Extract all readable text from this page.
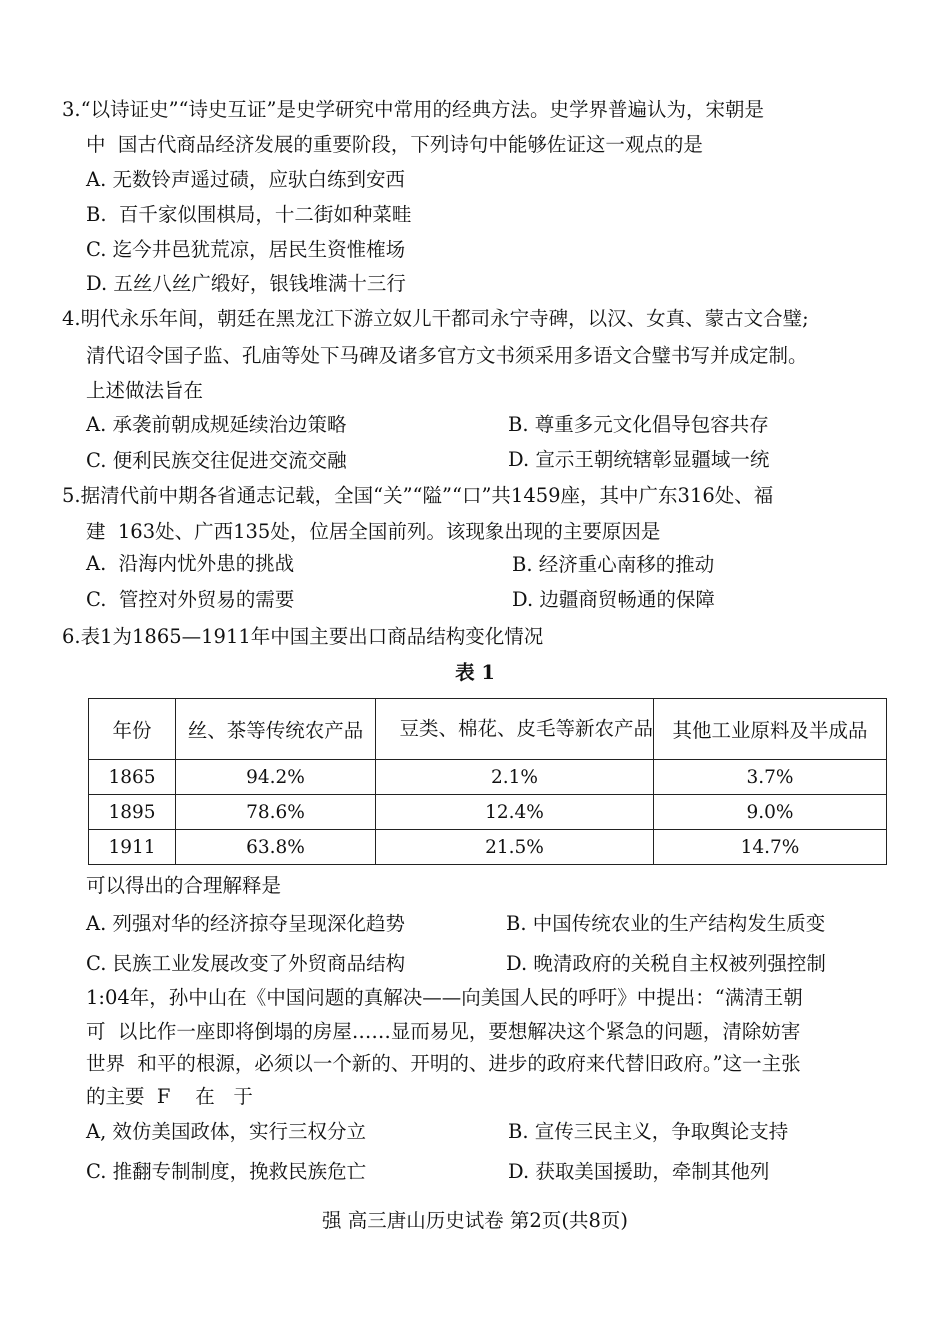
3.“以诗证史”“诗史互证”是史学研究中常用的经典方法。史学界普遍认为，宋朝是
中  国古代商品经济发展的重要阶段，下列诗句中能够佐证这一观点的是
A. 无数铃声遥过碛，应驮白练到安西
B.  百千家似围棋局，十二街如种菜畦
C. 迄今井邑犹荒凉，居民生资惟榷场
D. 五丝八丝广缎好，银钱堆满十三行
4.明代永乐年间，朝廷在黑龙江下游立奴儿干都司永宁寺碑，以汉、女真、蒙古文合璧;
清代诏令国子监、孔庙等处下马碑及诸多官方文书须采用多语文合璧书写并成定制。
上述做法旨在
A. 承袭前朝成规延续治边策略	B. 尊重多元文化倡导包容共存
C. 便利民族交往促进交流交融	D. 宣示王朝统辖彰显疆域一统
5.据清代前中期各省通志记载，全国“关”“隘”“口”共1459座，其中广东316处、福
建  163处、广西135处，位居全国前列。该现象出现的主要原因是
A.  沿海内忧外患的挑战	B. 经济重心南移的推动
C.  管控对外贸易的需要	D. 边疆商贸畅通的保障
6.表1为1865—1911年中国主要出口商品结构变化情况
表 1
年份	丝、茶等传统农产品	豆类、棉花、皮毛等新农产品	其他工业原料及半成品
1865	94.2%	2.1%	3.7%
1895	78.6%	12.4%	9.0%
1911	63.8%	21.5%	14.7%
可以得出的合理解释是
A. 列强对华的经济掠夺呈现深化趋势	B. 中国传统农业的生产结构发生质变
C. 民族工业发展改变了外贸商品结构	D. 晚清政府的关税自主权被列强控制
1:04年，孙中山在《中国问题的真解决——向美国人民的呼吁》中提出：“满清王朝
可  以比作一座即将倒塌的房屋……显而易见，要想解决这个紧急的问题，清除妨害
世界  和平的根源，必须以一个新的、开明的、进步的政府来代替旧政府。”这一主张
的主要  F    在   于
A, 效仿美国政体，实行三权分立	B. 宣传三民主义，争取舆论支持
C. 推翻专制制度，挽救民族危亡	D. 获取美国援助，牵制其他列
强 高三唐山历史试卷 第2页(共8页)
